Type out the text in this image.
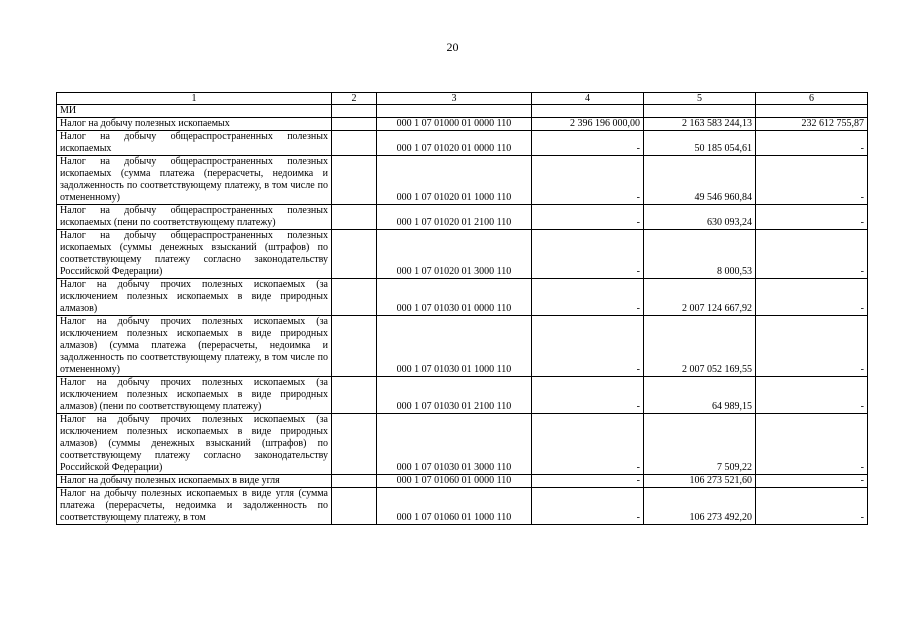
20
1	2	3	4	5	6
МИ					
Налог на добычу полезных ископаемых		000 1 07 01000 01 0000 110	2 396 196 000,00	2 163 583 244,13	232 612 755,87
Налог на добычу общераспространенных полезных ископаемых		000 1 07 01020 01 0000 110	-	50 185 054,61	-
Налог на добычу общераспространенных полезных ископаемых (сумма платежа (перерасчеты, недоимка и задолженность по соответствующему платежу, в том числе по отмененному)		000 1 07 01020 01 1000 110	-	49 546 960,84	-
Налог на добычу общераспространенных полезных ископаемых (пени по соответствующему платежу)		000 1 07 01020 01 2100 110	-	630 093,24	-
Налог на добычу общераспространенных полезных ископаемых (суммы денежных взысканий (штрафов) по соответствующему платежу согласно законодательству Российской Федерации)		000 1 07 01020 01 3000 110	-	8 000,53	-
Налог на добычу прочих полезных ископаемых (за исключением полезных ископаемых в виде природных алмазов)		000 1 07 01030 01 0000 110	-	2 007 124 667,92	-
Налог на добычу прочих полезных ископаемых (за исключением полезных ископаемых в виде природных алмазов) (сумма платежа (перерасчеты, недоимка и задолженность по соответствующему платежу, в том числе по отмененному)		000 1 07 01030 01 1000 110	-	2 007 052 169,55	-
Налог на добычу прочих полезных ископаемых (за исключением полезных ископаемых в виде природных алмазов) (пени по соответствующему платежу)		000 1 07 01030 01 2100 110	-	64 989,15	-
Налог на добычу прочих полезных ископаемых (за исключением полезных ископаемых в виде природных алмазов) (суммы денежных взысканий (штрафов) по соответствующему платежу согласно законодательству Российской Федерации)		000 1 07 01030 01 3000 110	-	7 509,22	-
Налог на добычу полезных ископаемых в виде угля		000 1 07 01060 01 0000 110	-	106 273 521,60	-
Налог на добычу полезных ископаемых в виде угля (сумма платежа (перерасчеты, недоимка и задолженность по соответствующему платежу, в том		000 1 07 01060 01 1000 110	-	106 273 492,20	-
